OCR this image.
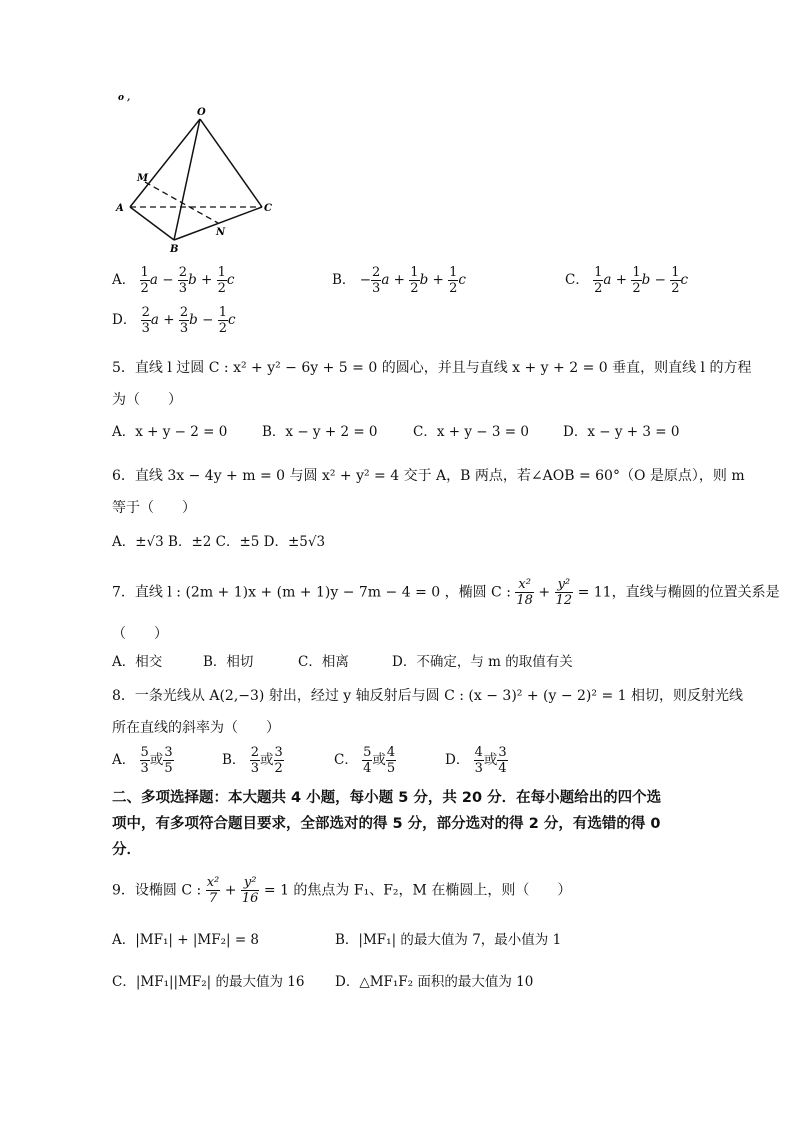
o ,
O
M
A	C
B
N
A． $\frac{1}{2}$ $a - \frac{2}{3}$ $b + \frac{1}{2}$ c	B． − $\frac{2}{3}$ $a + \frac{1}{2}$ $b + \frac{1}{2}$ c	C． $\frac{1}{2}$ $a + \frac{1}{2}$ $b - \frac{1}{2}$ c
D． $\frac{2}{3}$ $a + \frac{2}{3}$ $b - \frac{1}{2}$ c
5．直线 l 过圆 C : x² + y² − 6y + 5 = 0 的圆心，并且与直线 x + y + 2 = 0 垂直，则直线 l 的方程
为（　　）
A．x + y − 2 = 0	B．x − y + 2 = 0	C．x + y − 3 = 0	D．x − y + 3 = 0
6．直线 3x − 4y + m = 0 与圆 x² + y² = 4 交于 A，B 两点，若∠AOB = 60°（O 是原点），则 m
等于（　　）
A．±√3 B．±2 C．±5 D．±5√3
7．直线 l : (2m + 1)x + (m + 1)y − 7m − 4 = 0 ，椭圆 C : $\frac{\text{x²}}{18} + \frac{\text{y²}}{12} = 11$，直线与椭圆的位置关系是
（　　）
A．相交	B．相切	C．相离	D．不确定，与 m 的取值有关
8．一条光线从 A(2,−3) 射出，经过 y 轴反射后与圆 C : (x − 3)² + (y − 2)² = 1 相切，则反射光线
所在直线的斜率为（　　）
A． $\frac{5}{3}$ 或 $\frac{3}{5}$	B． $\frac{2}{3}$ 或 $\frac{3}{2}$	C． $\frac{5}{4}$ 或 $\frac{4}{5}$	D． $\frac{4}{3}$ 或 $\frac{3}{4}$
二、多项选择题：本大题共 4 小题，每小题 5 分，共 20 分．在每小题给出的四个选
项中，有多项符合题目要求，全部选对的得 5 分，部分选对的得 2 分，有选错的得 0
分．
9．设椭圆 C : $\frac{\text{x²}}{7} + \frac{\text{y²}}{16} = 1$ 的焦点为 F₁、F₂，M 在椭圆上，则（　　）
A．|MF₁| + |MF₂| = 8	B．|MF₁| 的最大值为 7，最小值为 1
C．|MF₁||MF₂| 的最大值为 16 D．△MF₁F₂ 面积的最大值为 10
